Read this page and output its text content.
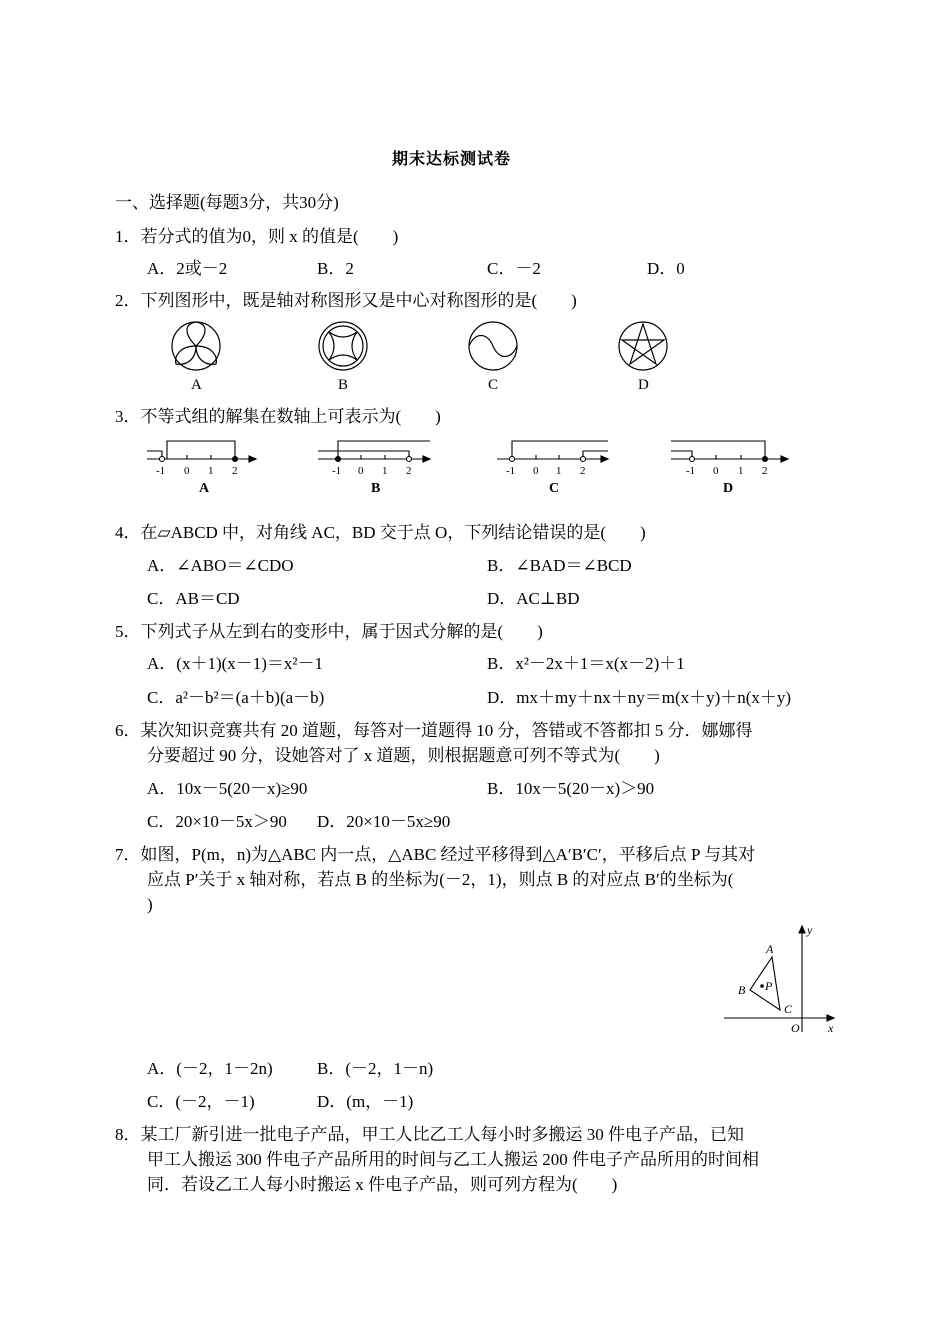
期末达标测试卷
一、选择题(每题3分，共30分)
1．若分式的值为0，则 x 的值是(　　)
A．2或－2	B．2	C．－2	D．0
2．下列图形中，既是轴对称图形又是中心对称图形的是(　　)
A	B	C	D
3．不等式组的解集在数轴上可表示为(　　)
-1 0 1 2	-1 0 1 2	-1 0 1 2	-1 0 1 2
A	B	C	D
4．在▱ABCD 中，对角线 AC，BD 交于点 O，下列结论错误的是(　　)
A．∠ABO＝∠CDO	B．∠BAD＝∠BCD
C．AB＝CD	D．AC⊥BD
5．下列式子从左到右的变形中，属于因式分解的是(　　)
A．(x＋1)(x－1)＝x²－1	B．x²－2x＋1＝x(x－2)＋1
C．a²－b²＝(a＋b)(a－b)	D．mx＋my＋nx＋ny＝m(x＋y)＋n(x＋y)
6．某次知识竞赛共有 20 道题，每答对一道题得 10 分，答错或不答都扣 5 分．娜娜得
分要超过 90 分，设她答对了 x 道题，则根据题意可列不等式为(　　)
A．10x－5(20－x)≥90	B．10x－5(20－x)＞90
C．20×10－5x＞90 D．20×10－5x≥90
7．如图，P(m，n)为△ABC 内一点，△ABC 经过平移得到△A′B′C′，平移后点 P 与其对
应点 P′关于 x 轴对称，若点 B 的坐标为(－2，1)，则点 B 的对应点 B′的坐标为(
)
A
B
C
P
O x
y
A．(－2，1－2n)	B．(－2，1－n)
C．(－2，－1)	D．(m，－1)
8．某工厂新引进一批电子产品，甲工人比乙工人每小时多搬运 30 件电子产品，已知
甲工人搬运 300 件电子产品所用的时间与乙工人搬运 200 件电子产品所用的时间相
同．若设乙工人每小时搬运 x 件电子产品，则可列方程为(　　)
